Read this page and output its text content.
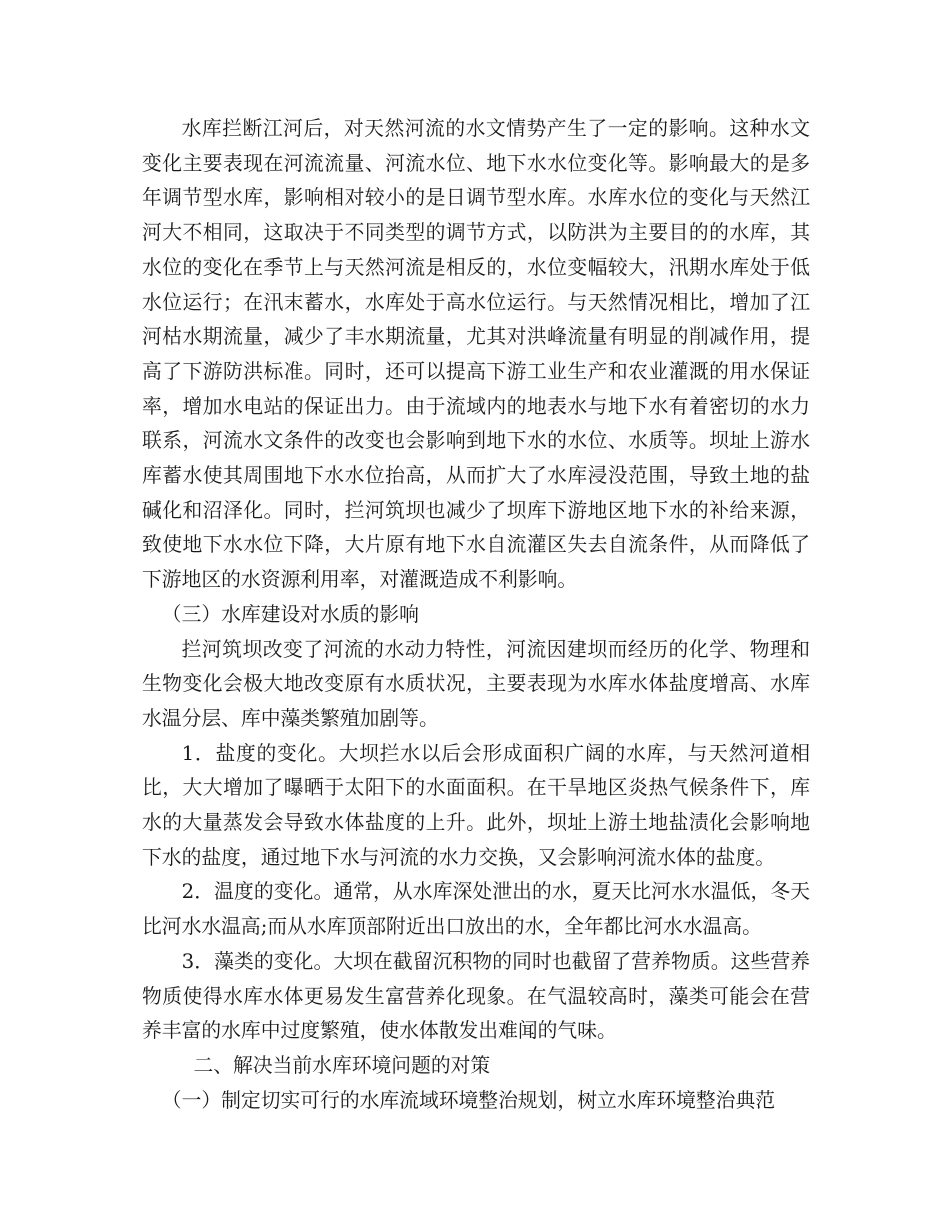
水库拦断江河后，对天然河流的水文情势产生了一定的影响。这种水文变化主要表现在河流流量、河流水位、地下水水位变化等。影响最大的是多年调节型水库，影响相对较小的是日调节型水库。水库水位的变化与天然江河大不相同，这取决于不同类型的调节方式，以防洪为主要目的的水库，其水位的变化在季节上与天然河流是相反的，水位变幅较大，汛期水库处于低水位运行；在汛末蓄水，水库处于高水位运行。与天然情况相比，增加了江河枯水期流量，减少了丰水期流量，尤其对洪峰流量有明显的削减作用，提高了下游防洪标准。同时，还可以提高下游工业生产和农业灌溉的用水保证率，增加水电站的保证出力。由于流域内的地表水与地下水有着密切的水力联系，河流水文条件的改变也会影响到地下水的水位、水质等。坝址上游水库蓄水使其周围地下水水位抬高，从而扩大了水库浸没范围，导致土地的盐碱化和沼泽化。同时，拦河筑坝也减少了坝库下游地区地下水的补给来源，致使地下水水位下降，大片原有地下水自流灌区失去自流条件，从而降低了下游地区的水资源利用率，对灌溉造成不利影响。

（三）水库建设对水质的影响

拦河筑坝改变了河流的水动力特性，河流因建坝而经历的化学、物理和生物变化会极大地改变原有水质状况，主要表现为水库水体盐度增高、水库水温分层、库中藻类繁殖加剧等。

1．盐度的变化。大坝拦水以后会形成面积广阔的水库，与天然河道相比，大大增加了曝晒于太阳下的水面面积。在干旱地区炎热气候条件下，库水的大量蒸发会导致水体盐度的上升。此外，坝址上游土地盐渍化会影响地下水的盐度，通过地下水与河流的水力交换，又会影响河流水体的盐度。

2．温度的变化。通常，从水库深处泄出的水，夏天比河水水温低，冬天比河水水温高;而从水库顶部附近出口放出的水，全年都比河水水温高。

3．藻类的变化。大坝在截留沉积物的同时也截留了营养物质。这些营养物质使得水库水体更易发生富营养化现象。在气温较高时，藻类可能会在营养丰富的水库中过度繁殖，使水体散发出难闻的气味。

二、解决当前水库环境问题的对策

（一）制定切实可行的水库流域环境整治规划，树立水库环境整治典范
